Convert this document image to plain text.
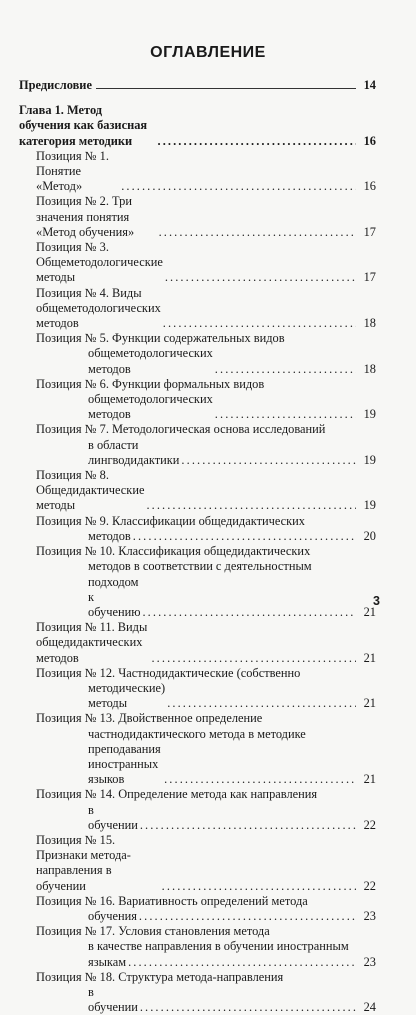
ОГЛАВЛЕНИЕ
Предисловие	14
Глава 1. Метод обучения как базисная категория методики . . .	16
Позиция № 1. Понятие «Метод» . . .	16
Позиция № 2. Три значения понятия «Метод обучения» . . .	17
Позиция № 3. Общеметодологические методы . . .	17
Позиция № 4. Виды общеметодологических методов . . .	18
Позиция № 5. Функции содержательных видов
общеметодологических методов . . .	18
Позиция № 6. Функции формальных видов
общеметодологических методов . . .	19
Позиция № 7. Методологическая основа исследований
в области лингводидактики . . .	19
Позиция № 8. Общедидактические методы . . .	19
Позиция № 9. Классификации общедидактических
методов . . .	20
Позиция № 10. Классификация общедидактических
методов в соответствии с деятельностным
подходом к обучению . . .	21
Позиция № 11. Виды общедидактических методов . . .	21
Позиция № 12. Частнодидактические (собственно
методические) методы . . .	21
Позиция № 13. Двойственное определение
частнодидактического метода в методике
преподавания иностранных языков . . .	21
Позиция № 14. Определение метода как направления
в обучении . . .	22
Позиция № 15. Признаки метода-направления в обучении . . .	22
Позиция № 16. Вариативность определений метода
обучения . . .	23
Позиция № 17. Условия становления метода
в качестве направления в обучении иностранным
языкам . . .	23
Позиция № 18. Структура метода-направления
в обучении . . .	24
3
